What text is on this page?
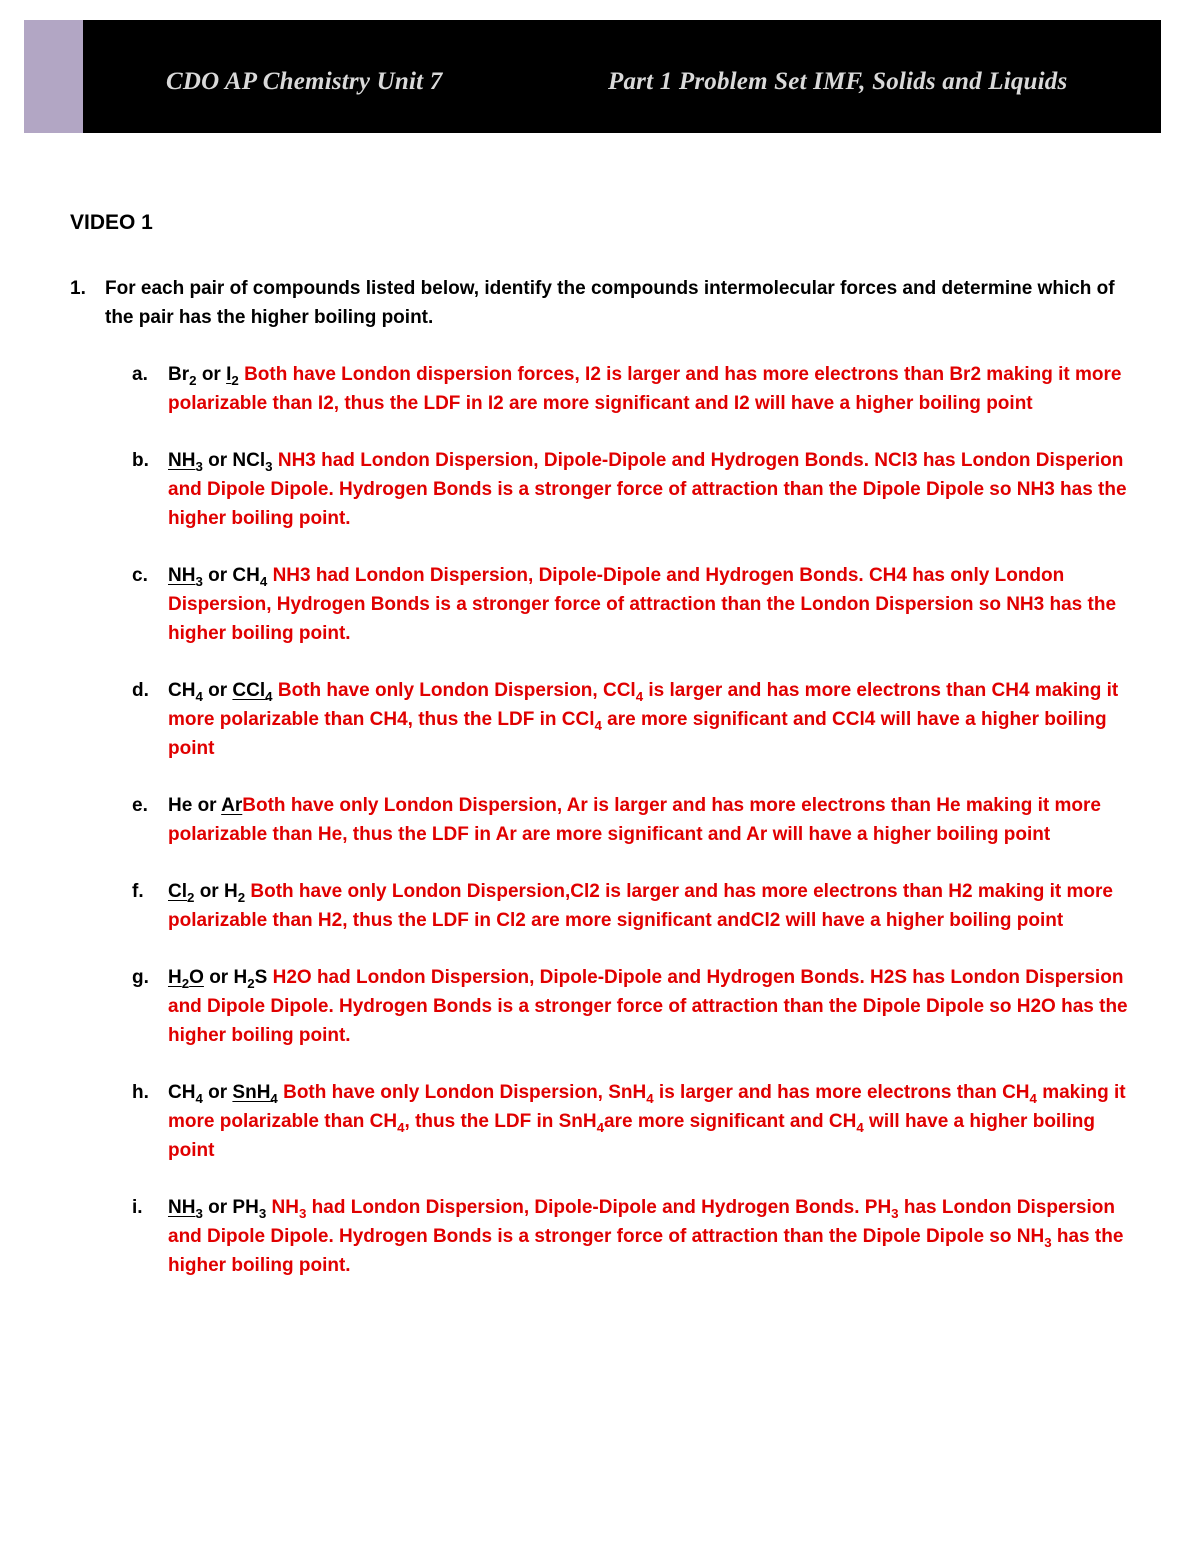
CDO AP Chemistry Unit 7	Part 1 Problem Set IMF, Solids and Liquids
VIDEO 1
1. For each pair of compounds listed below, identify the compounds intermolecular forces and determine which of the pair has the higher boiling point.
a. $Br_2$ or $I_2$ Both have London dispersion forces, I2 is larger and has more electrons than Br2 making it more polarizable than I2, thus the LDF in I2 are more significant and I2 will have a higher boiling point
b. $NH_3$ or NCl$_3$ NH3 had London Dispersion, Dipole-Dipole and Hydrogen Bonds. NCl3 has London Disperion and Dipole Dipole. Hydrogen Bonds is a stronger force of attraction than the Dipole Dipole so NH3 has the higher boiling point.
c. $NH_3$ or $CH_4$ NH3 had London Dispersion, Dipole-Dipole and Hydrogen Bonds. CH4 has only London Dispersion, Hydrogen Bonds is a stronger force of attraction than the London Dispersion so NH3 has the higher boiling point.
d. $CH_4$ or CCl$_4$ Both have only London Dispersion, CCl$_4$ is larger and has more electrons than CH4 making it more polarizable than CH4, thus the LDF in CCl$_4$ are more significant and CCl4 will have a higher boiling point
e. He or ArBoth have only London Dispersion, Ar is larger and has more electrons than He making it more polarizable than He, thus the LDF in Ar are more significant and Ar will have a higher boiling point
f. $Cl_2$ or $H_2$ Both have only London Dispersion,Cl2 is larger and has more electrons than H2 making it more polarizable than H2, thus the LDF in Cl2 are more significant andCl2 will have a higher boiling point
g. $H_2O$ or $H_2S$ H2O had London Dispersion, Dipole-Dipole and Hydrogen Bonds. H2S has London Dispersion and Dipole Dipole. Hydrogen Bonds is a stronger force of attraction than the Dipole Dipole so H2O has the higher boiling point.
h. $CH_4$ or SnH$_4$ Both have only London Dispersion, SnH$_4$ is larger and has more electrons than $CH_4$ making it more polarizable than $CH_4$, thus the LDF in SnH$_4$are more significant and $CH_4$ will have a higher boiling point
i. $NH_3$ or $PH_3$ $NH_3$ had London Dispersion, Dipole-Dipole and Hydrogen Bonds. $PH_3$ has London Dispersion and Dipole Dipole. Hydrogen Bonds is a stronger force of attraction than the Dipole Dipole so $NH_3$ has the higher boiling point.
